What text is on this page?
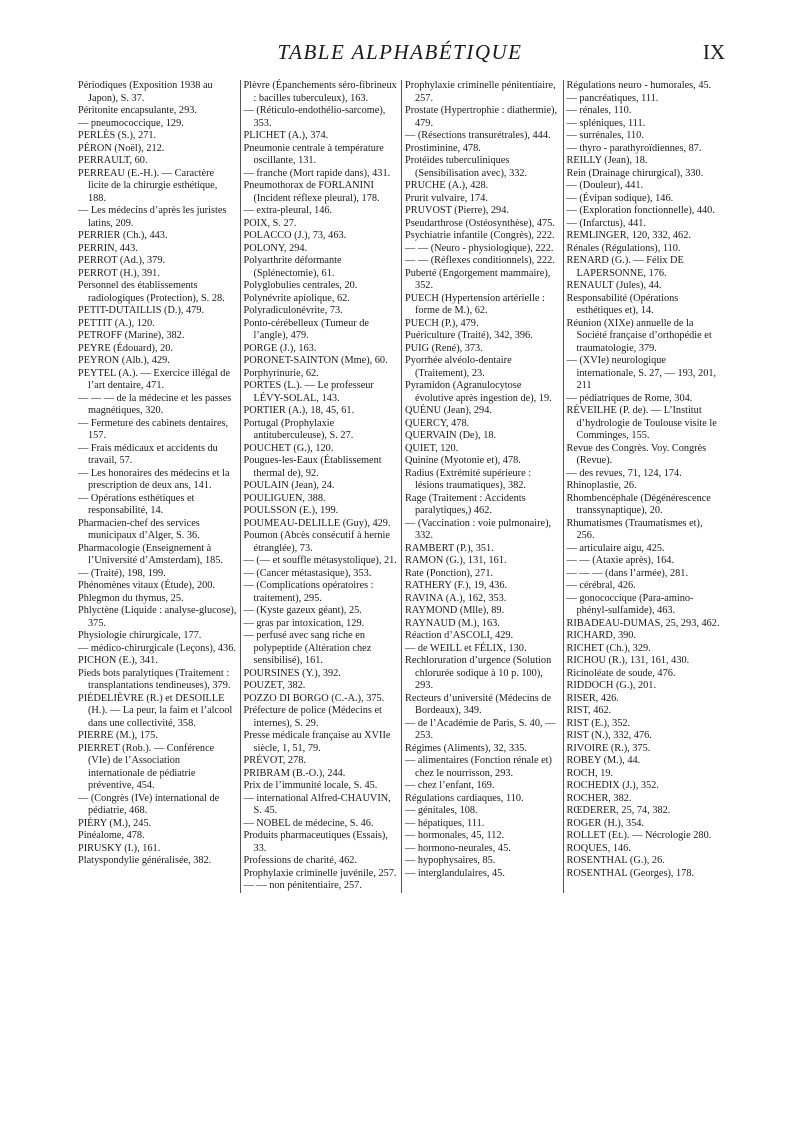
TABLE ALPHABÉTIQUE	IX

Périodiques (Exposition 1938 au Japon), S. 37.

Péritonite encapsulante, 293.

— pneumococcique, 129.

PERLÈS (S.), 271.

PÉRON (Noël), 212.

PERRAULT, 60.

PERREAU (E.-H.). — Caractère licite de la chirurgie esthétique, 188.

— Les médecins d’après les juristes latins, 209.

PERRIER (Ch.), 443.

PERRIN, 443.

PERROT (Ad.), 379.

PERROT (H.), 391.

Personnel des établissements radiologiques (Protection), S. 28.

PETIT-DUTAILLIS (D.), 479.

PETTIT (A.), 120.

PETROFF (Marine), 382.

PEYRE (Édouard), 20.

PEYRON (Alb.), 429.

PEYTEL (A.). — Exercice illégal de l’art dentaire, 471.

— — — de la médecine et les passes magnétiques, 320.

— Fermeture des cabinets dentaires, 157.

— Frais médicaux et accidents du travail, 57.

— Les honoraires des médecins et la prescription de deux ans, 141.

— Opérations esthétiques et responsabilité, 14.

Pharmacien-chef des services municipaux d’Alger, S. 36.

Pharmacologie (Enseignement à l’Université d’Amsterdam), 185.

— (Traité), 198, 199.

Phénomènes vitaux (Étude), 200.

Phlegmon du thymus, 25.

Phlyctène (Liquide : analyse-glucose), 375.

Physiologie chirurgicale, 177.

— médico-chirurgicale (Leçons), 436.

PICHON (E.), 341.

Pieds bots paralytiques (Traitement : transplantations tendineuses), 379.

PIÉDELIÈVRE (R.) et DESOILLE (H.). — La peur, la faim et l’alcool dans une collectivité, 358.

PIERRE (M.), 175.

PIERRET (Rob.). — Conférence (VIe) de l’Association internationale de pédiatrie préventive, 454.

— (Congrès (IVe) international de pédiatrie, 468.

PIÉRY (M.), 245.

Pinéalome, 478.

PIRUSKY (I.), 161.

Platyspondylie généralisée, 382.

Plèvre (Épanchements séro-fibrineux : bacilles tuberculeux), 163.

— (Réticulo-endothélio-sarcome), 353.

PLICHET (A.), 374.

Pneumonie centrale à température oscillante, 131.

— franche (Mort rapide dans), 431.

Pneumothorax de FORLANINI (Incident réflexe pleural), 178.

— extra-pleural, 146.

POIX, S. 27.

POLACCO (J.), 73, 463.

POLONY, 294.

Polyarthrite déformante (Splénectomie), 61.

Polyglobulies centrales, 20.

Polynévrite apiolique, 62.

Polyradiculonévrite, 73.

Ponto-cérébelleux (Tumeur de l’angle), 479.

PORGE (J.), 163.

PORONET-SAINTON (Mme), 60.

Porphyrinurie, 62.

PORTES (L.). — Le professeur LÉVY-SOLAL, 143.

PORTIER (A.), 18, 45, 61.

Portugal (Prophylaxie antituberculeuse), S. 27.

POUCHET (G.), 120.

Pougues-les-Eaux (Établissement thermal de), 92.

POULAIN (Jean), 24.

POULIGUEN, 388.

POULSSON (E.), 199.

POUMEAU-DELILLE (Guy), 429.

Poumon (Abcès consécutif à hernie étranglée), 73.

— (— et souffle métasystolique), 21.

— (Cancer métastasique), 353.

— (Complications opératoires : traitement), 295.

— (Kyste gazeux géant), 25.

— gras par intoxication, 129.

— perfusé avec sang riche en polypeptide (Altération chez sensibilisé), 161.

POURSINES (Y.), 392.

POUZET, 382.

POZZO DI BORGO (C.-A.), 375.

Préfecture de police (Médecins et internes), S. 29.

Presse médicale française au XVIIe siècle, 1, 51, 79.

PRÉVOT, 278.

PRIBRAM (B.-O.), 244.

Prix de l’immunité locale, S. 45.

— international Alfred-CHAUVIN, S. 45.

— NOBEL de médecine, S. 46.

Produits pharmaceutiques (Essais), 33.

Professions de charité, 462.

Prophylaxie criminelle juvénile, 257.

— — non pénitentiaire, 257.

Prophylaxie criminelle pénitentiaire, 257.

Prostate (Hypertrophie : diathermie), 479.

— (Résections transurétrales), 444.

Prostiminine, 478.

Protéides tuberculiniques (Sensibilisation avec), 332.

PRUCHE (A.), 428.

Prurit vulvaire, 174.

PRUVOST (Pierre), 294.

Pseudarthrose (Ostéosynthèse), 475.

Psychiatrie infantile (Congrès), 222.

— — (Neuro - physiologique), 222.

— — (Réflexes conditionnels), 222.

Puberté (Engorgement mammaire), 352.

PUECH (Hypertension artérielle : forme de M.), 62.

PUECH (P.), 479.

Puériculture (Traité), 342, 396.

PUIG (René), 373.

Pyorrhée alvéolo-dentaire (Traitement), 23.

Pyramidon (Agranulocytose évolutive après ingestion de), 19.

QUÉNU (Jean), 294.

QUERCY, 478.

QUERVAIN (De), 18.

QUIET, 120.

Quinine (Myotonie et), 478.

Radius (Extrémité supérieure : lésions traumatiques), 382.

Rage (Traitement : Accidents paralytiques,) 462.

— (Vaccination : voie pulmonaire), 332.

RAMBERT (P.), 351.

RAMON (G.), 131, 161.

Rate (Ponction), 271.

RATHERY (F.), 19, 436.

RAVINA (A.), 162, 353.

RAYMOND (Mlle), 89.

RAYNAUD (M.), 163.

Réaction d’ASCOLI, 429.

— de WEILL et FÉLIX, 130.

Rechloruration d’urgence (Solution chlorurée sodique à 10 p. 100), 293.

Recteurs d’université (Médecins de Bordeaux), 349.

— de l’Académie de Paris, S. 40, — 253.

Régimes (Aliments), 32, 335.

— alimentaires (Fonction rénale et) chez le nourrisson, 293.

— chez l’enfant, 169.

Régulations cardiaques, 110.

— génitales, 108.

— hépatiques, 111.

— hormonales, 45, 112.

— hormono-neurales, 45.

— hypophysaires, 85.

— interglandulaires, 45.

Régulations neuro - humorales, 45.

— pancréatiques, 111.

— rénales, 110.

— spléniques, 111.

— surrénales, 110.

— thyro - parathyroïdiennes, 87.

REILLY (Jean), 18.

Rein (Drainage chirurgical), 330.

— (Douleur), 441.

— (Évipan sodique), 146.

— (Exploration fonctionnelle), 440.

— (Infarctus), 441.

REMLINGER, 120, 332, 462.

Rénales (Régulations), 110.

RENARD (G.). — Félix DE LAPERSONNE, 176.

RENAULT (Jules), 44.

Responsabilité (Opérations esthétiques et), 14.

Réunion (XIXe) annuelle de la Société française d’orthopédie et traumatologie, 379.

— (XVIe) neurologique internationale, S. 27, — 193, 201, 211

— pédiatriques de Rome, 304.

RÉVEILHE (P. de). — L’Institut d’hydrologie de Toulouse visite le Comminges, 155.

Revue des Congrès. Voy. Congrès (Revue).

— des revues, 71, 124, 174.

Rhinoplastie, 26.

Rhombencéphale (Dégénérescence transsynaptique), 20.

Rhumatismes (Traumatismes et), 256.

— articulaire aigu, 425.

— — (Ataxie après), 164.

— — — (dans l’armée), 281.

— cérébral, 426.

— gonococcique (Para-amino-phényl-sulfamide), 463.

RIBADEAU-DUMAS, 25, 293, 462.

RICHARD, 390.

RICHET (Ch.), 329.

RICHOU (R.), 131, 161, 430.

Ricinoléate de soude, 476.

RIDDOCH (G.), 201.

RISER, 426.

RIST, 462.

RIST (E.), 352.

RIST (N.), 332, 476.

RIVOIRE (R.), 375.

ROBEY (M.), 44.

ROCH, 19.

ROCHEDIX (J.), 352.

ROCHER, 382.

RŒDERER, 25, 74, 382.

ROGER (H.), 354.

ROLLET (Et.). — Nécrologie 280.

ROQUES, 146.

ROSENTHAL (G.), 26.

ROSENTHAL (Georges), 178.
